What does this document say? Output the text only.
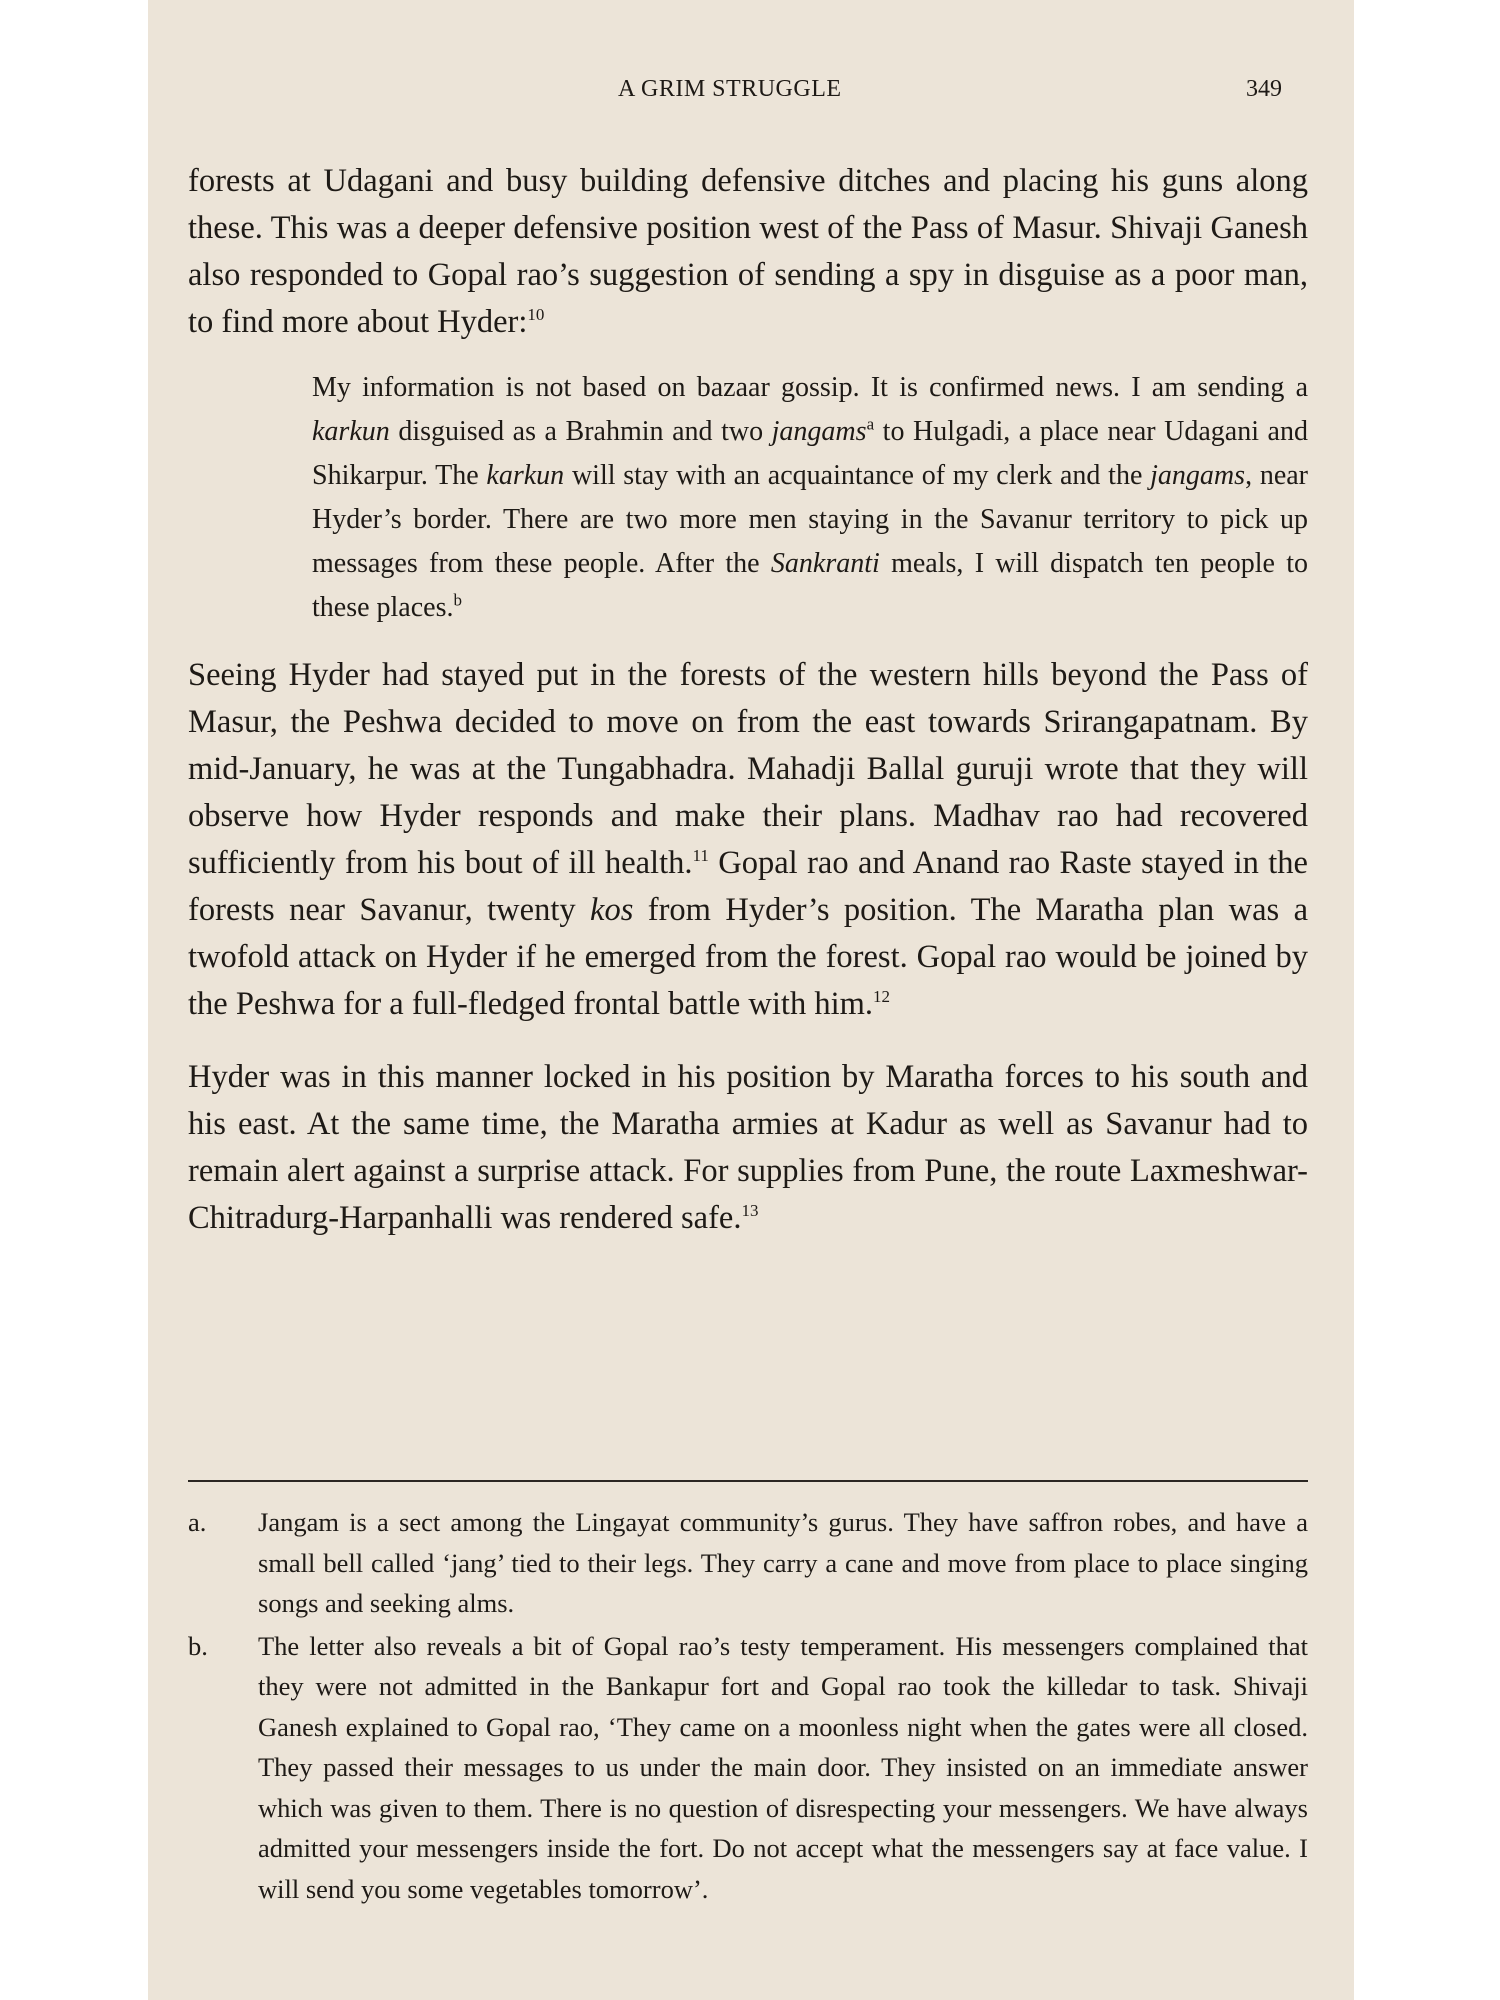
A GRIM STRUGGLE	349

forests at Udagani and busy building defensive ditches and placing his guns along these. This was a deeper defensive position west of the Pass of Masur. Shivaji Ganesh also responded to Gopal rao’s suggestion of sending a spy in disguise as a poor man, to find more about Hyder:$^{10}$

My information is not based on bazaar gossip. It is confirmed news. I am sending a karkun disguised as a Brahmin and two jangams$^a$ to Hulgadi, a place near Udagani and Shikarpur. The karkun will stay with an acquaintance of my clerk and the jangams, near Hyder’s border. There are two more men staying in the Savanur territory to pick up messages from these people. After the Sankranti meals, I will dispatch ten people to these places.$^b$

Seeing Hyder had stayed put in the forests of the western hills beyond the Pass of Masur, the Peshwa decided to move on from the east towards Srirangapatnam. By mid-January, he was at the Tungabhadra. Mahadji Ballal guruji wrote that they will observe how Hyder responds and make their plans. Madhav rao had recovered sufficiently from his bout of ill health.$^{11}$ Gopal rao and Anand rao Raste stayed in the forests near Savanur, twenty kos from Hyder’s position. The Maratha plan was a twofold attack on Hyder if he emerged from the forest. Gopal rao would be joined by the Peshwa for a full-fledged frontal battle with him.$^{12}$

Hyder was in this manner locked in his position by Maratha forces to his south and his east. At the same time, the Maratha armies at Kadur as well as Savanur had to remain alert against a surprise attack. For supplies from Pune, the route Laxmeshwar-Chitradurg-Harpanhalli was rendered safe.$^{13}$

a. Jangam is a sect among the Lingayat community’s gurus. They have saffron robes, and have a small bell called ‘jang’ tied to their legs. They carry a cane and move from place to place singing songs and seeking alms.

b. The letter also reveals a bit of Gopal rao’s testy temperament. His messengers complained that they were not admitted in the Bankapur fort and Gopal rao took the killedar to task. Shivaji Ganesh explained to Gopal rao, ‘They came on a moonless night when the gates were all closed. They passed their messages to us under the main door. They insisted on an immediate answer which was given to them. There is no question of disrespecting your messengers. We have always admitted your messengers inside the fort. Do not accept what the messengers say at face value. I will send you some vegetables tomorrow’.
